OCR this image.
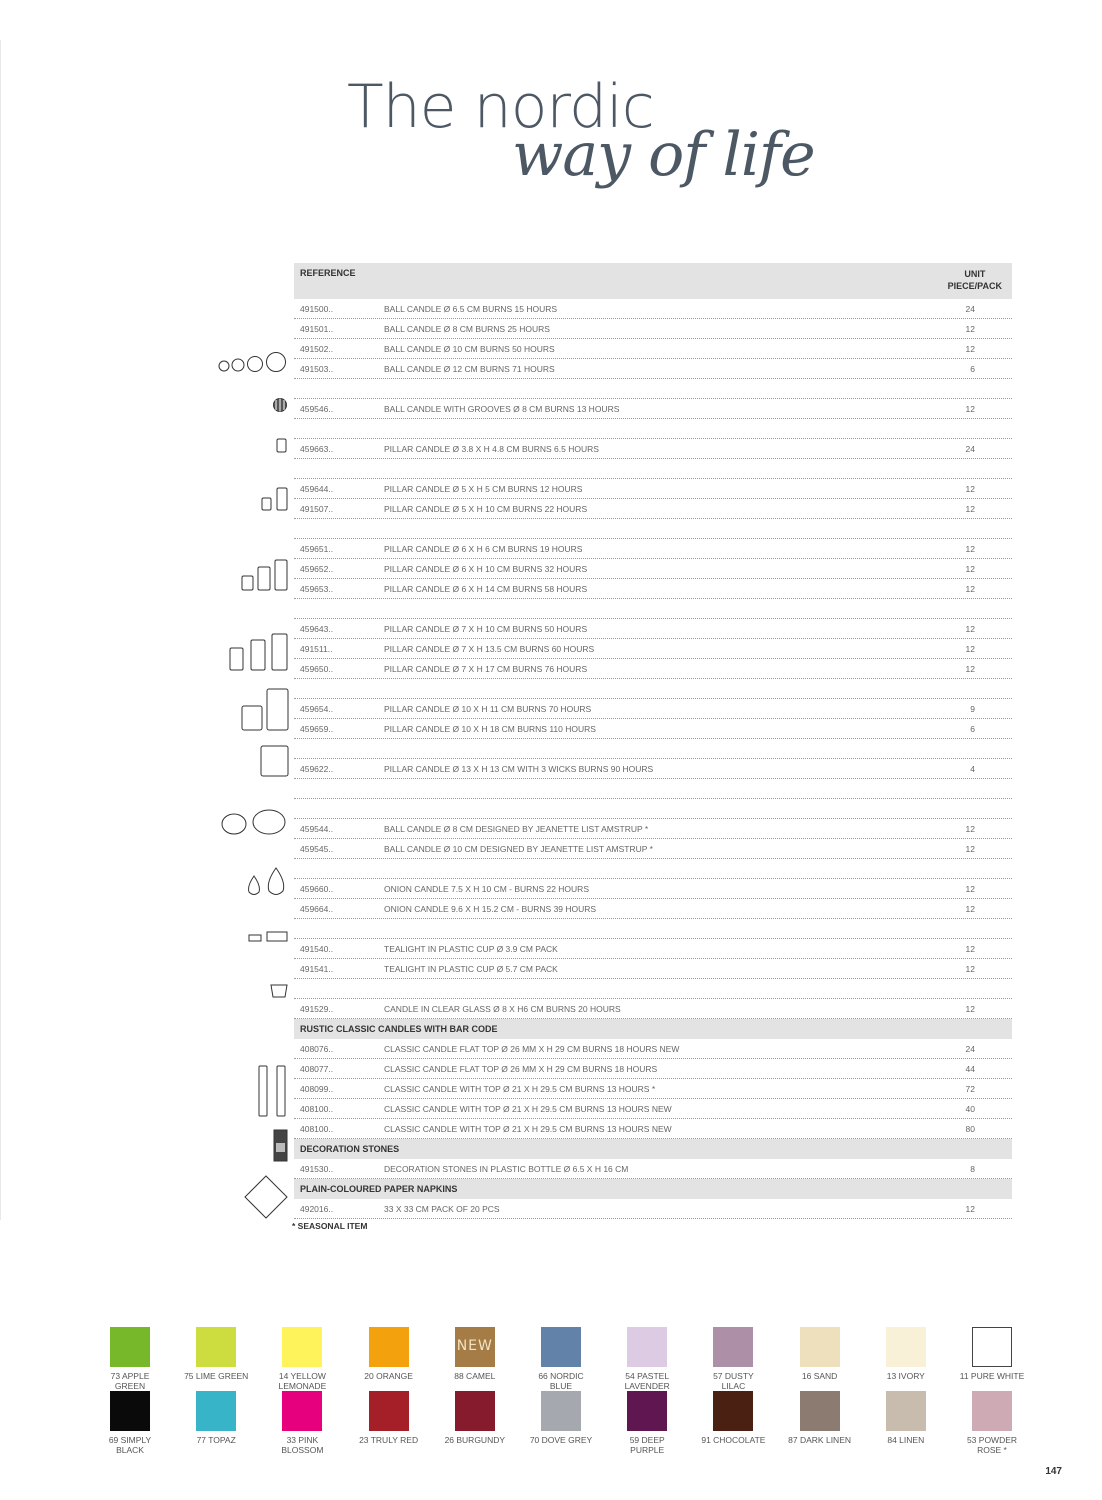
The nordic
way of life
REFERENCE	UNIT
PIECE/PACK
491500..	BALL CANDLE Ø 6.5 CM BURNS 15 HOURS	24
491501..	BALL CANDLE Ø 8 CM BURNS 25 HOURS	12
491502..	BALL CANDLE Ø 10 CM BURNS 50 HOURS	12
491503..	BALL CANDLE Ø 12 CM BURNS 71 HOURS	6
459546..	BALL CANDLE WITH GROOVES Ø 8 CM BURNS 13 HOURS	12
459663..	PILLAR CANDLE Ø 3.8 X H 4.8 CM BURNS 6.5 HOURS	24
459644..	PILLAR CANDLE Ø 5 X H 5 CM BURNS 12 HOURS	12
491507..	PILLAR CANDLE Ø 5 X H 10 CM BURNS 22 HOURS	12
459651..	PILLAR CANDLE Ø 6 X H 6 CM BURNS 19 HOURS	12
459652..	PILLAR CANDLE Ø 6 X H 10 CM BURNS 32 HOURS	12
459653..	PILLAR CANDLE Ø 6 X H 14 CM BURNS 58 HOURS	12
459643..	PILLAR CANDLE Ø 7 X H 10 CM BURNS 50 HOURS	12
491511..	PILLAR CANDLE Ø 7 X H 13.5 CM BURNS 60 HOURS	12
459650..	PILLAR CANDLE Ø 7 X H 17 CM BURNS 76 HOURS	12
459654..	PILLAR CANDLE Ø 10 X H 11 CM BURNS 70 HOURS	9
459659..	PILLAR CANDLE Ø 10 X H 18 CM BURNS 110 HOURS	6
459622..	PILLAR CANDLE Ø 13 X H 13 CM WITH 3 WICKS BURNS 90 HOURS	4
459544..	BALL CANDLE Ø 8 CM DESIGNED BY JEANETTE LIST AMSTRUP *	12
459545..	BALL CANDLE Ø 10 CM DESIGNED BY JEANETTE LIST AMSTRUP *	12
459660..	ONION CANDLE 7.5 X H 10 CM - BURNS 22 HOURS	12
459664..	ONION CANDLE 9.6 X H 15.2 CM - BURNS 39 HOURS	12
491540..	TEALIGHT IN PLASTIC CUP Ø 3.9 CM PACK	12
491541..	TEALIGHT IN PLASTIC CUP Ø 5.7 CM PACK	12
491529..	CANDLE IN CLEAR GLASS Ø 8 X H6 CM BURNS 20 HOURS	12
RUSTIC CLASSIC CANDLES WITH BAR CODE
408076..	CLASSIC CANDLE FLAT TOP Ø 26 MM X H 29 CM BURNS 18 HOURS NEW	24
408077..	CLASSIC CANDLE FLAT TOP Ø 26 MM X H 29 CM BURNS 18 HOURS	44
408099..	CLASSIC CANDLE WITH TOP Ø 21 X H 29.5 CM BURNS 13 HOURS *	72
408100..	CLASSIC CANDLE WITH TOP Ø 21 X H 29.5 CM BURNS 13 HOURS NEW	40
408100..	CLASSIC CANDLE WITH TOP Ø 21 X H 29.5 CM BURNS 13 HOURS NEW	80
DECORATION STONES
491530..	DECORATION STONES IN PLASTIC BOTTLE Ø 6.5 X H 16 CM	8
PLAIN-COLOURED PAPER NAPKINS
492016..	33 X 33 CM PACK OF 20 PCS	12
* SEASONAL ITEM
73 APPLE GREEN
75 LIME GREEN	14 YELLOW LEMONADE
20 ORANGE
NEW
88 CAMEL	66 NORDIC BLUE
54 PASTEL LAVENDER
57 DUSTY LILAC
16 SAND	13 IVORY	11 PURE WHITE
69 SIMPLY BLACK
77 TOPAZ	33 PINK BLOSSOM
23 TRULY RED	26 BURGUNDY	70 DOVE GREY	59 DEEP PURPLE
91 CHOCOLATE	87 DARK LINEN	84 LINEN	53 POWDER ROSE *
147
